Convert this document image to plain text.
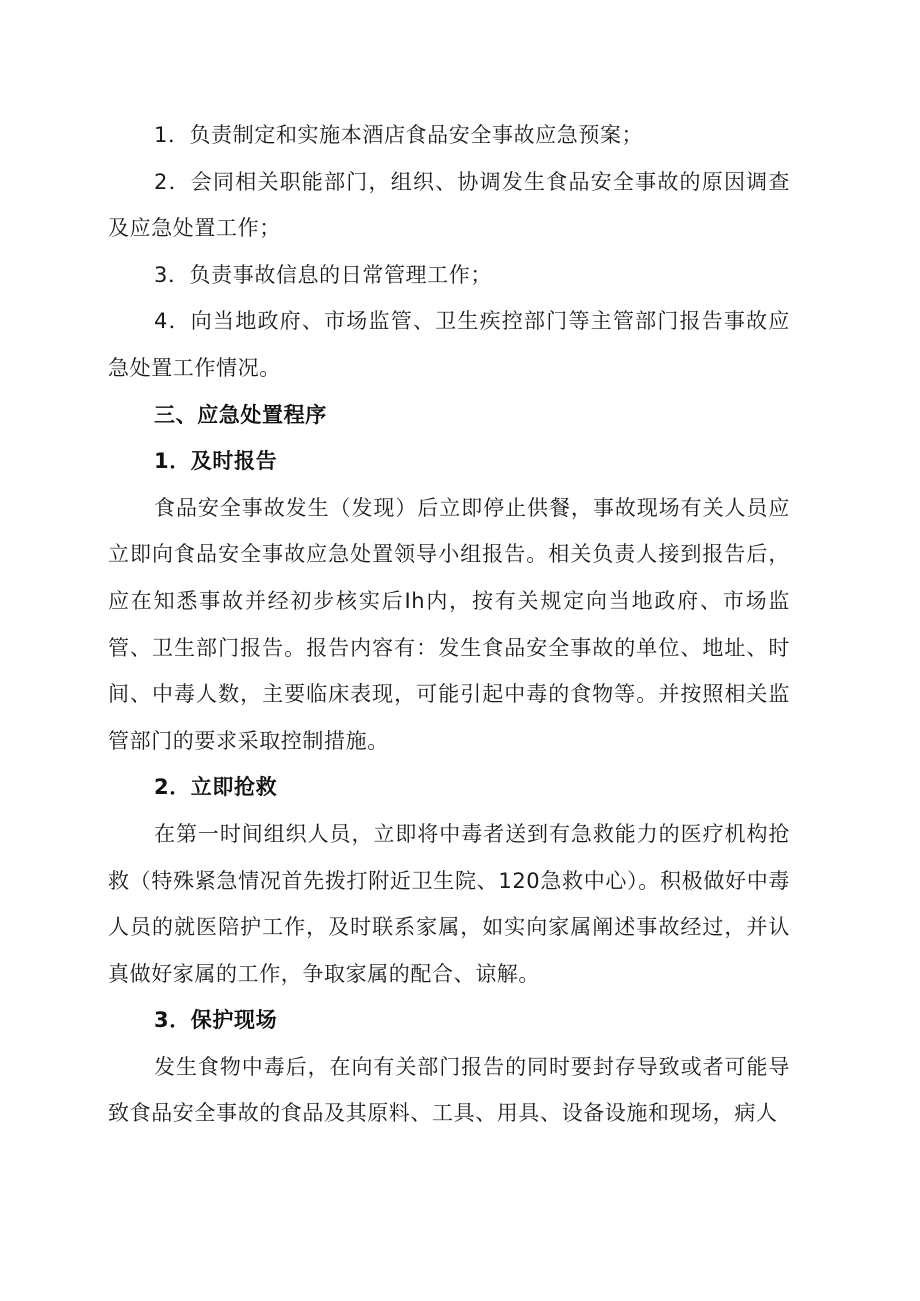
1．负责制定和实施本酒店食品安全事故应急预案；

2．会同相关职能部门，组织、协调发生食品安全事故的原因调查及应急处置工作；

3．负责事故信息的日常管理工作；

4．向当地政府、市场监管、卫生疾控部门等主管部门报告事故应急处置工作情况。

三、应急处置程序

1．及时报告

食品安全事故发生（发现）后立即停止供餐，事故现场有关人员应立即向食品安全事故应急处置领导小组报告。相关负责人接到报告后，应在知悉事故并经初步核实后Ih内，按有关规定向当地政府、市场监管、卫生部门报告。报告内容有：发生食品安全事故的单位、地址、时间、中毒人数，主要临床表现，可能引起中毒的食物等。并按照相关监管部门的要求采取控制措施。

2．立即抢救

在第一时间组织人员，立即将中毒者送到有急救能力的医疗机构抢救（特殊紧急情况首先拨打附近卫生院、120急救中心）。积极做好中毒人员的就医陪护工作，及时联系家属，如实向家属阐述事故经过，并认真做好家属的工作，争取家属的配合、谅解。

3．保护现场

发生食物中毒后，在向有关部门报告的同时要封存导致或者可能导致食品安全事故的食品及其原料、工具、用具、设备设施和现场，病人
